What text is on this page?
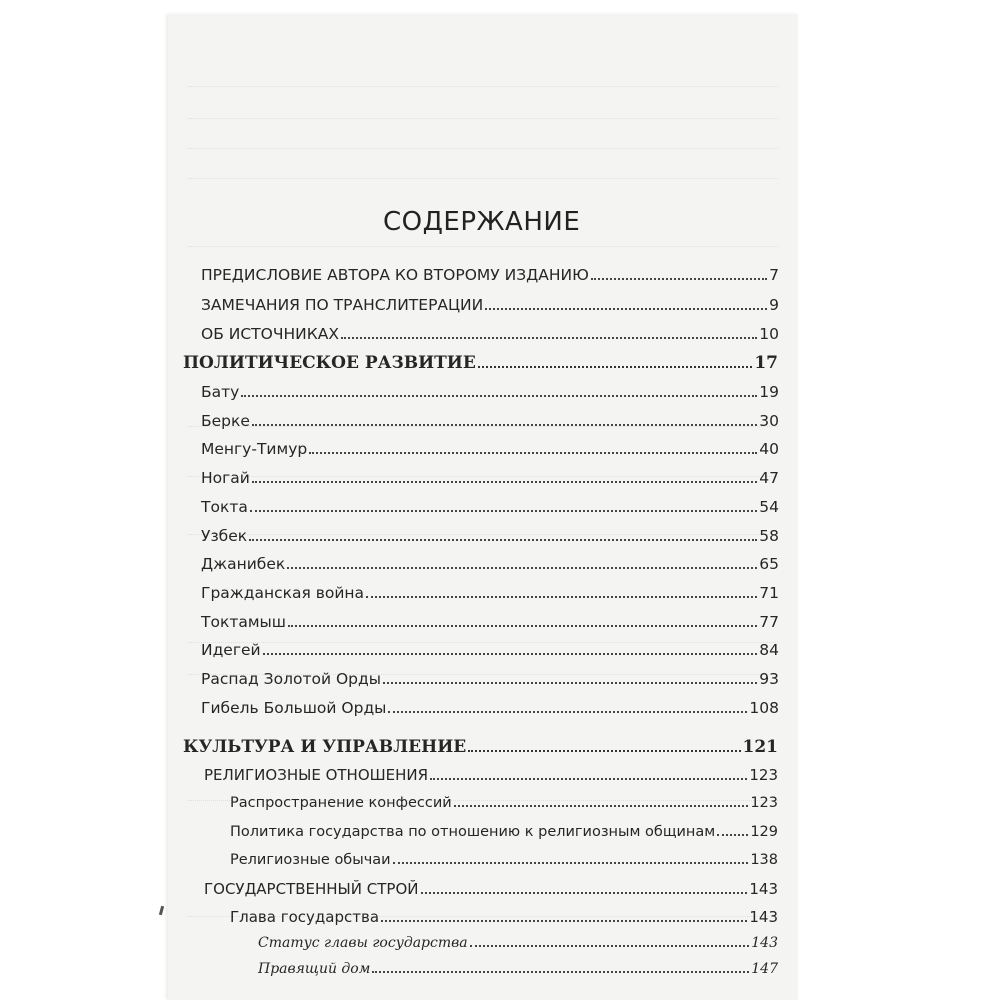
СОДЕРЖАНИЕ
ПРЕДИСЛОВИЕ АВТОРА КО ВТОРОМУ ИЗДАНИЮ	7
ЗАМЕЧАНИЯ ПО ТРАНСЛИТЕРАЦИИ	9
ОБ ИСТОЧНИКАХ	10
ПОЛИТИЧЕСКОЕ РАЗВИТИЕ	17
Бату	19
Берке	30
Менгу-Тимур	40
Ногай	47
Токта	54
Узбек	58
Джанибек	65
Гражданская война	71
Токтамыш	77
Идегей	84
Распад Золотой Орды	93
Гибель Большой Орды	108
КУЛЬТУРА И УПРАВЛЕНИЕ	121
РЕЛИГИОЗНЫЕ ОТНОШЕНИЯ	123
Распространение конфессий	123
Политика государства по отношению к религиозным общинам 129
Религиозные обычаи	138
ГОСУДАРСТВЕННЫЙ СТРОЙ	143
Глава государства	143
Статус главы государства	143
Правящий дом	147
